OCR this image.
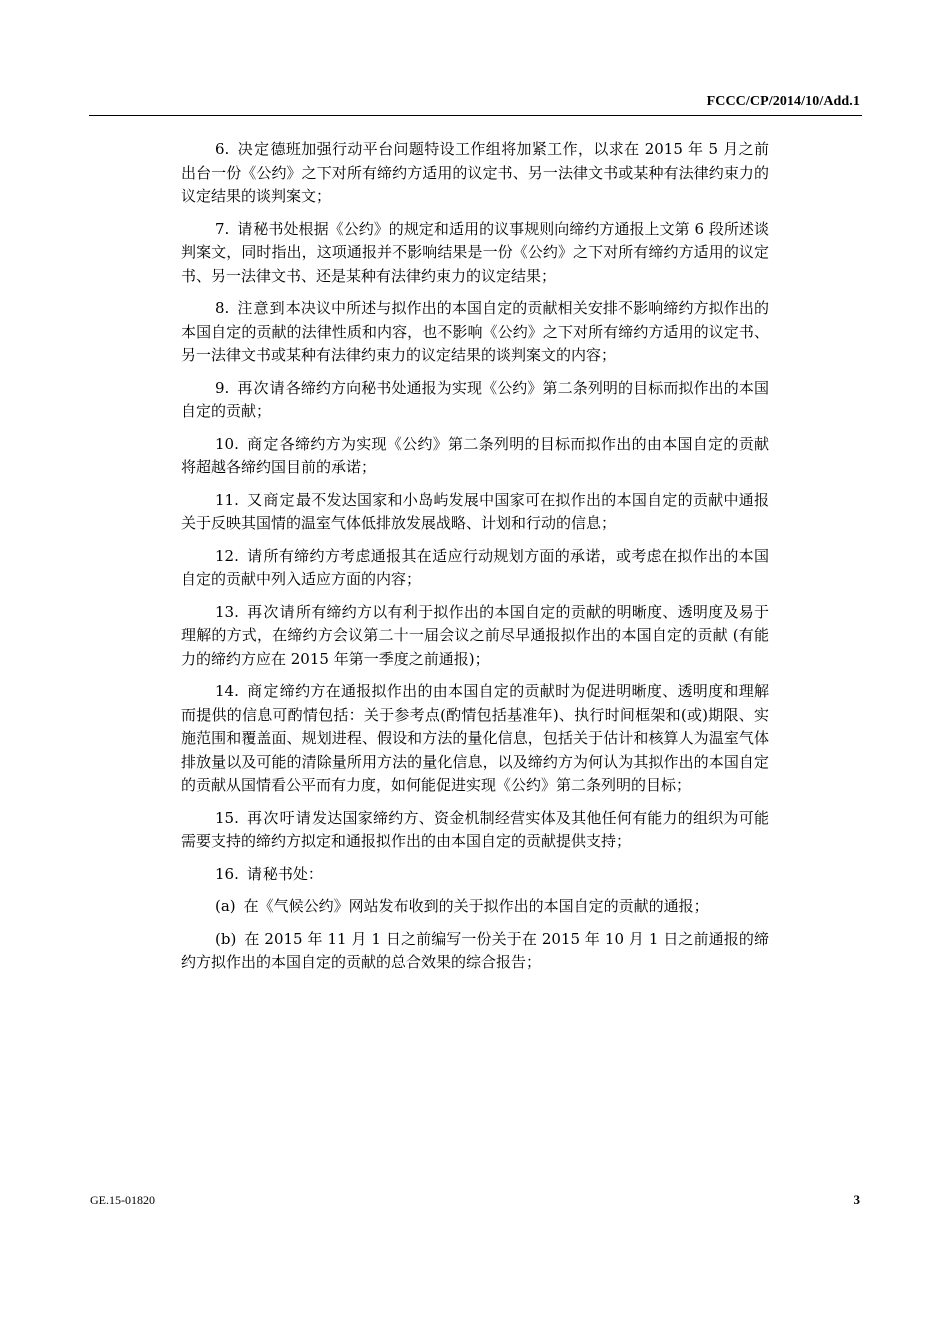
FCCC/CP/2014/10/Add.1

6. 决定德班加强行动平台问题特设工作组将加紧工作，以求在 2015 年 5 月之前出台一份《公约》之下对所有缔约方适用的议定书、另一法律文书或某种有法律约束力的议定结果的谈判案文；

7. 请秘书处根据《公约》的规定和适用的议事规则向缔约方通报上文第 6 段所述谈判案文，同时指出，这项通报并不影响结果是一份《公约》之下对所有缔约方适用的议定书、另一法律文书、还是某种有法律约束力的议定结果；

8. 注意到本决议中所述与拟作出的本国自定的贡献相关安排不影响缔约方拟作出的本国自定的贡献的法律性质和内容，也不影响《公约》之下对所有缔约方适用的议定书、另一法律文书或某种有法律约束力的议定结果的谈判案文的内容；

9. 再次请各缔约方向秘书处通报为实现《公约》第二条列明的目标而拟作出的本国自定的贡献；

10. 商定各缔约方为实现《公约》第二条列明的目标而拟作出的由本国自定的贡献将超越各缔约国目前的承诺；

11. 又商定最不发达国家和小岛屿发展中国家可在拟作出的本国自定的贡献中通报关于反映其国情的温室气体低排放发展战略、计划和行动的信息；

12. 请所有缔约方考虑通报其在适应行动规划方面的承诺，或考虑在拟作出的本国自定的贡献中列入适应方面的内容；

13. 再次请所有缔约方以有利于拟作出的本国自定的贡献的明晰度、透明度及易于理解的方式，在缔约方会议第二十一届会议之前尽早通报拟作出的本国自定的贡献 (有能力的缔约方应在 2015 年第一季度之前通报)；

14. 商定缔约方在通报拟作出的由本国自定的贡献时为促进明晰度、透明度和理解而提供的信息可酌情包括：关于参考点(酌情包括基准年)、执行时间框架和(或)期限、实施范围和覆盖面、规划进程、假设和方法的量化信息，包括关于估计和核算人为温室气体排放量以及可能的清除量所用方法的量化信息，以及缔约方为何认为其拟作出的本国自定的贡献从国情看公平而有力度，如何能促进实现《公约》第二条列明的目标；

15. 再次吁请发达国家缔约方、资金机制经营实体及其他任何有能力的组织为可能需要支持的缔约方拟定和通报拟作出的由本国自定的贡献提供支持；

16. 请秘书处：

(a) 在《气候公约》网站发布收到的关于拟作出的本国自定的贡献的通报；

(b) 在 2015 年 11 月 1 日之前编写一份关于在 2015 年 10 月 1 日之前通报的缔约方拟作出的本国自定的贡献的总合效果的综合报告；

GE.15-01820	3
